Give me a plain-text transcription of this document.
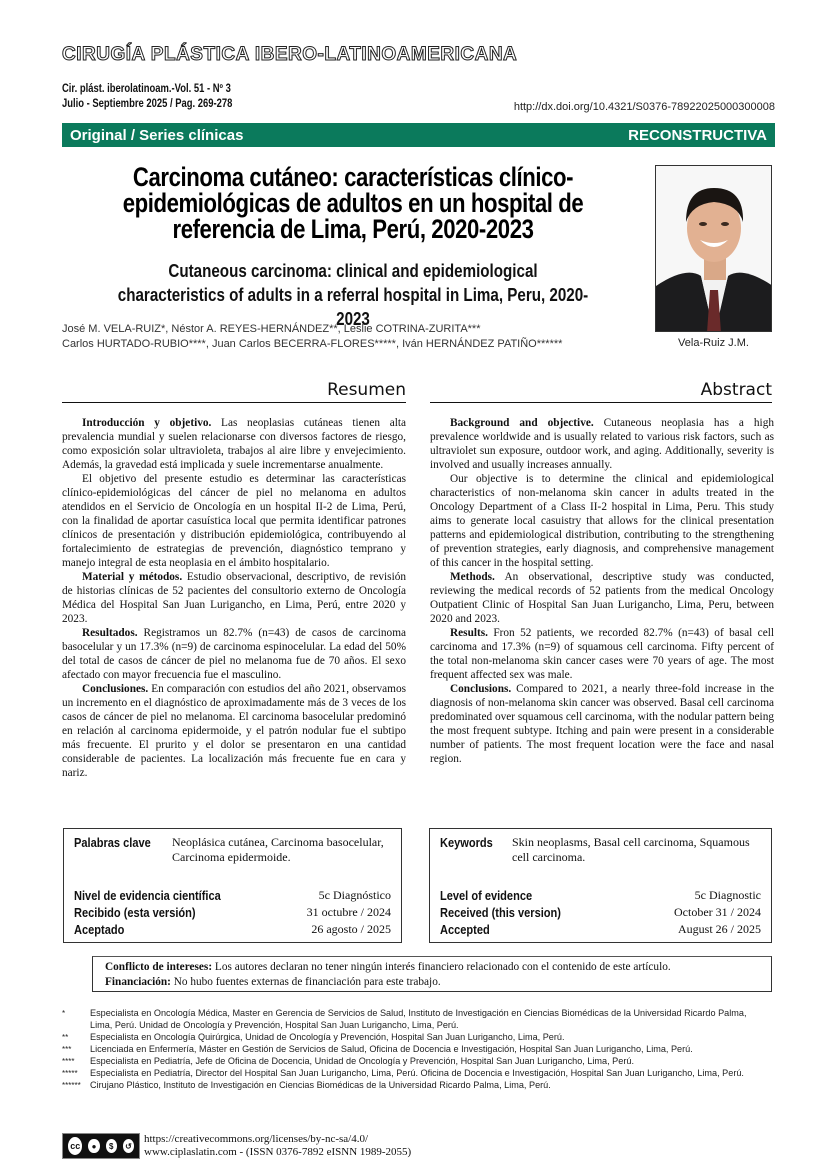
CIRUGÍA PLÁSTICA IBERO-LATINOAMERICANA
Cir. plást. iberolatinoam.-Vol. 51 - Nº 3
Julio - Septiembre 2025 / Pag. 269-278	http://dx.doi.org/10.4321/S0376-78922025000300008
Original / Series clínicas	RECONSTRUCTIVA
Carcinoma cutáneo: características clínico-epidemiológicas de adultos en un hospital de referencia de Lima, Perú, 2020-2023
Cutaneous carcinoma: clinical and epidemiological characteristics of adults in a referral hospital in Lima, Peru, 2020-2023
Vela-Ruiz J.M.
José M. VELA-RUIZ*, Néstor A. REYES-HERNÁNDEZ**, Leslie COTRINA-ZURITA***
Carlos HURTADO-RUBIO****, Juan Carlos BECERRA-FLORES*****, Iván HERNÁNDEZ PATIÑO******
Resumen	Abstract

Introducción y objetivo. Las neoplasias cutáneas tienen alta prevalencia mundial y suelen relacionarse con diversos factores de riesgo, como exposición solar ultravioleta, trabajos al aire libre y envejecimiento. Además, la gravedad está implicada y suele incrementarse anualmente.

El objetivo del presente estudio es determinar las características clínico-epidemiológicas del cáncer de piel no melanoma en adultos atendidos en el Servicio de Oncología en un hospital II-2 de Lima, Perú, con la finalidad de aportar casuística local que permita identificar patrones clínicos de presentación y distribución epidemiológica, contribuyendo al fortalecimiento de estrategias de prevención, diagnóstico temprano y manejo integral de esta neoplasia en el ámbito hospitalario.

Material y métodos. Estudio observacional, descriptivo, de revisión de historias clínicas de 52 pacientes del consultorio externo de Oncología Médica del Hospital San Juan Lurigancho, en Lima, Perú, entre 2020 y 2023.

Resultados. Registramos un 82.7% (n=43) de casos de carcinoma basocelular y un 17.3% (n=9) de carcinoma espinocelular. La edad del 50% del total de casos de cáncer de piel no melanoma fue de 70 años. El sexo afectado con mayor frecuencia fue el masculino.

Conclusiones. En comparación con estudios del año 2021, observamos un incremento en el diagnóstico de aproximadamente más de 3 veces de los casos de cáncer de piel no melanoma. El carcinoma basocelular predominó en relación al carcinoma epidermoide, y el patrón nodular fue el subtipo más frecuente. El prurito y el dolor se presentaron en una cantidad considerable de pacientes. La localización más frecuente fue en cara y nariz.

Background and objective. Cutaneous neoplasia has a high prevalence worldwide and is usually related to various risk factors, such as ultraviolet sun exposure, outdoor work, and aging. Additionally, severity is involved and usually increases annually.

Our objective is to determine the clinical and epidemiological characteristics of non-melanoma skin cancer in adults treated in the Oncology Department of a Class II-2 hospital in Lima, Peru. This study aims to generate local casuistry that allows for the clinical presentation patterns and epidemiological distribution, contributing to the strengthening of prevention strategies, early diagnosis, and comprehensive management of this cancer in the hospital setting.

Methods. An observational, descriptive study was conducted, reviewing the medical records of 52 patients from the medical Oncology Outpatient Clinic of Hospital San Juan Lurigancho, Lima, Peru, between 2020 and 2023.

Results. Fron 52 patients, we recorded 82.7% (n=43) of basal cell carcinoma and 17.3% (n=9) of squamous cell carcinoma. Fifty percent of the total non-melanoma skin cancer cases were 70 years of age. The most frequent affected sex was male.

Conclusions. Compared to 2021, a nearly three-fold increase in the diagnosis of non-melanoma skin cancer was observed. Basal cell carcinoma predominated over squamous cell carcinoma, with the nodular pattern being the most frequent subtype. Itching and pain were present in a considerable number of patients. The most frequent location were the face and nasal region.

Palabras clave	Neoplásica cutánea, Carcinoma basocelular, Carcinoma epidermoide.
Nivel de evidencia científica	5c Diagnóstico
Recibido (esta versión)	31 octubre / 2024
Aceptado	26 agosto / 2025
Keywords	Skin neoplasms, Basal cell carcinoma, Squamous cell carcinoma.
Level of evidence	5c Diagnostic
Received (this version)	October 31 / 2024
Accepted	August 26 / 2025
Conflicto de intereses: Los autores declaran no tener ningún interés financiero relacionado con el contenido de este artículo.
Financiación: No hubo fuentes externas de financiación para este trabajo.
*	Especialista en Oncología Médica, Master en Gerencia de Servicios de Salud, Instituto de Investigación en Ciencias Biomédicas de la Universidad Ricardo Palma, Lima, Perú. Unidad de Oncología y Prevención, Hospital San Juan Lurigancho, Lima, Perú.
**	Especialista en Oncología Quirúrgica, Unidad de Oncología y Prevención, Hospital San Juan Lurigancho, Lima, Perú.
***	Licenciada en Enfermería, Máster en Gestión de Servicios de Salud, Oficina de Docencia e Investigación, Hospital San Juan Lurigancho, Lima, Perú.
****	Especialista en Pediatría, Jefe de Oficina de Docencia, Unidad de Oncología y Prevención, Hospital San Juan Lurigancho, Lima, Perú.
*****	Especialista en Pediatría, Director del Hospital San Juan Lurigancho, Lima, Perú. Oficina de Docencia e Investigación, Hospital San Juan Lurigancho, Lima, Perú.
****** Cirujano Plástico, Instituto de Investigación en Ciencias Biomédicas de la Universidad Ricardo Palma, Lima, Perú.
cc	●	$	↺
https://creativecommons.org/licenses/by-nc-sa/4.0/
www.ciplaslatin.com - (ISSN 0376-7892 eISNN 1989-2055)
